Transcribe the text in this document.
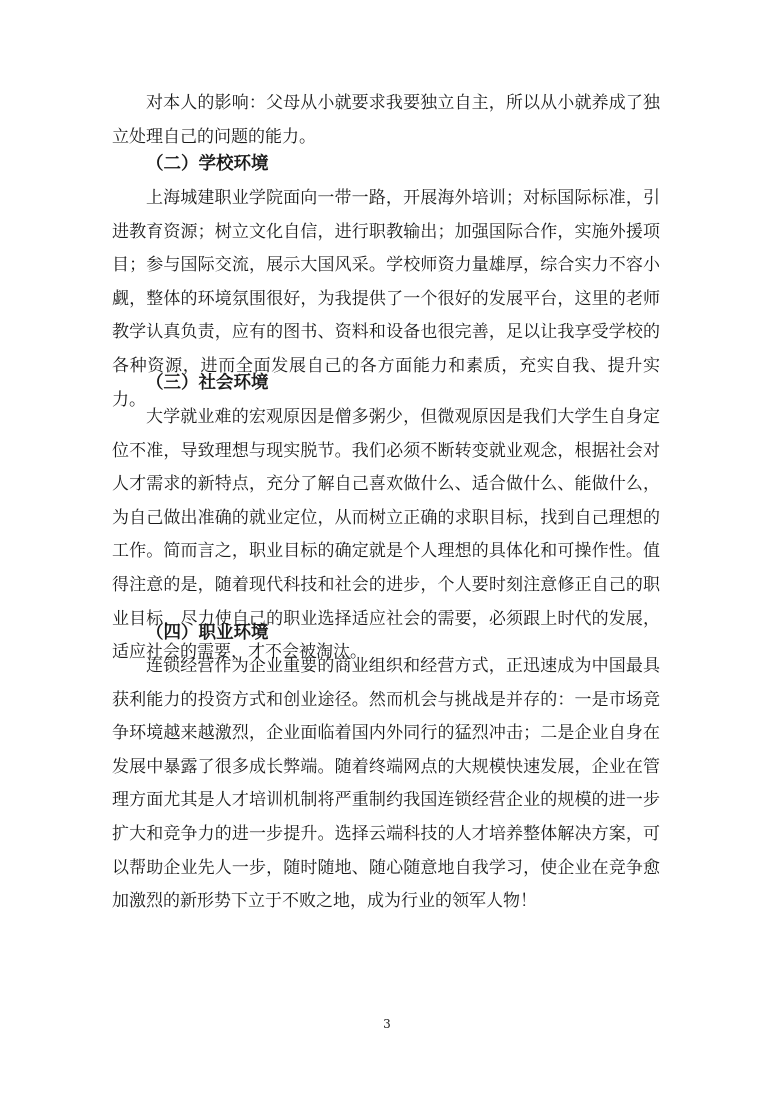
对本人的影响：父母从小就要求我要独立自主，所以从小就养成了独立处理自己的问题的能力。

（二）学校环境

上海城建职业学院面向一带一路，开展海外培训；对标国际标准，引进教育资源；树立文化自信，进行职教输出；加强国际合作，实施外援项目；参与国际交流，展示大国风采。学校师资力量雄厚，综合实力不容小觑，整体的环境氛围很好，为我提供了一个很好的发展平台，这里的老师教学认真负责，应有的图书、资料和设备也很完善，足以让我享受学校的各种资源，进而全面发展自己的各方面能力和素质，充实自我、提升实力。

（三）社会环境

大学就业难的宏观原因是僧多粥少，但微观原因是我们大学生自身定位不准，导致理想与现实脱节。我们必须不断转变就业观念，根据社会对人才需求的新特点，充分了解自己喜欢做什么、适合做什么、能做什么，为自己做出准确的就业定位，从而树立正确的求职目标，找到自己理想的工作。简而言之，职业目标的确定就是个人理想的具体化和可操作性。值得注意的是，随着现代科技和社会的进步，个人要时刻注意修正自己的职业目标，尽力使自己的职业选择适应社会的需要，必须跟上时代的发展，适应社会的需要，才不会被淘汰。

（四）职业环境

连锁经营作为企业重要的商业组织和经营方式，正迅速成为中国最具获利能力的投资方式和创业途径。然而机会与挑战是并存的：一是市场竞争环境越来越激烈，企业面临着国内外同行的猛烈冲击；二是企业自身在发展中暴露了很多成长弊端。随着终端网点的大规模快速发展，企业在管理方面尤其是人才培训机制将严重制约我国连锁经营企业的规模的进一步扩大和竞争力的进一步提升。选择云端科技的人才培养整体解决方案，可以帮助企业先人一步，随时随地、随心随意地自我学习，使企业在竞争愈加激烈的新形势下立于不败之地，成为行业的领军人物！

3
